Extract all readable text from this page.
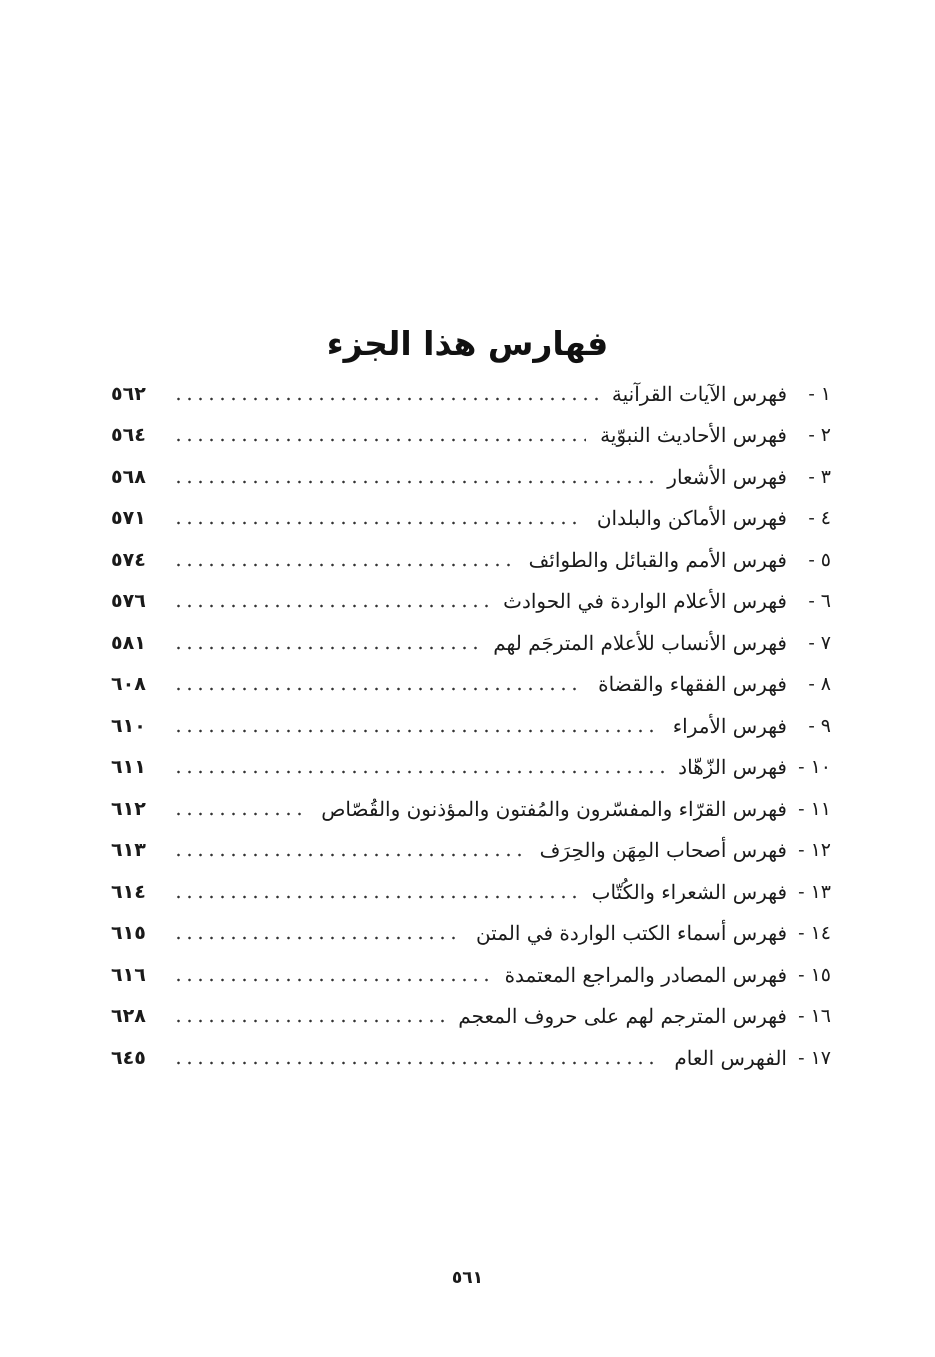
فهارس هذا الجزء
١ -
فهرس الآيات القرآنية
٥٦٢
٢ -
فهرس الأحاديث النبوّية
٥٦٤
٣ -
فهرس الأشعار
٥٦٨
٤ -
فهرس الأماكن والبلدان
٥٧١
٥ -
فهرس الأمم والقبائل والطوائف
٥٧٤
٦ -
فهرس الأعلام الواردة في الحوادث
٥٧٦
٧ -
فهرس الأنساب للأعلام المترجَم لهم
٥٨١
٨ -
فهرس الفقهاء والقضاة
٦٠٨
٩ -
فهرس الأمراء
٦١٠
١٠ -
فهرس الزّهّاد
٦١١
١١ -
فهرس القرّاء والمفسّرون والمُفتون والمؤذنون والقُصّاص
٦١٢
١٢ -
فهرس أصحاب المِهَن والحِرَف
٦١٣
١٣ -
فهرس الشعراء والكُتّاب
٦١٤
١٤ -
فهرس أسماء الكتب الواردة في المتن
٦١٥
١٥ -
فهرس المصادر والمراجع المعتمدة
٦١٦
١٦ -
فهرس المترجم لهم على حروف المعجم
٦٢٨
١٧ -
الفهرس العام
٦٤٥
٥٦١
